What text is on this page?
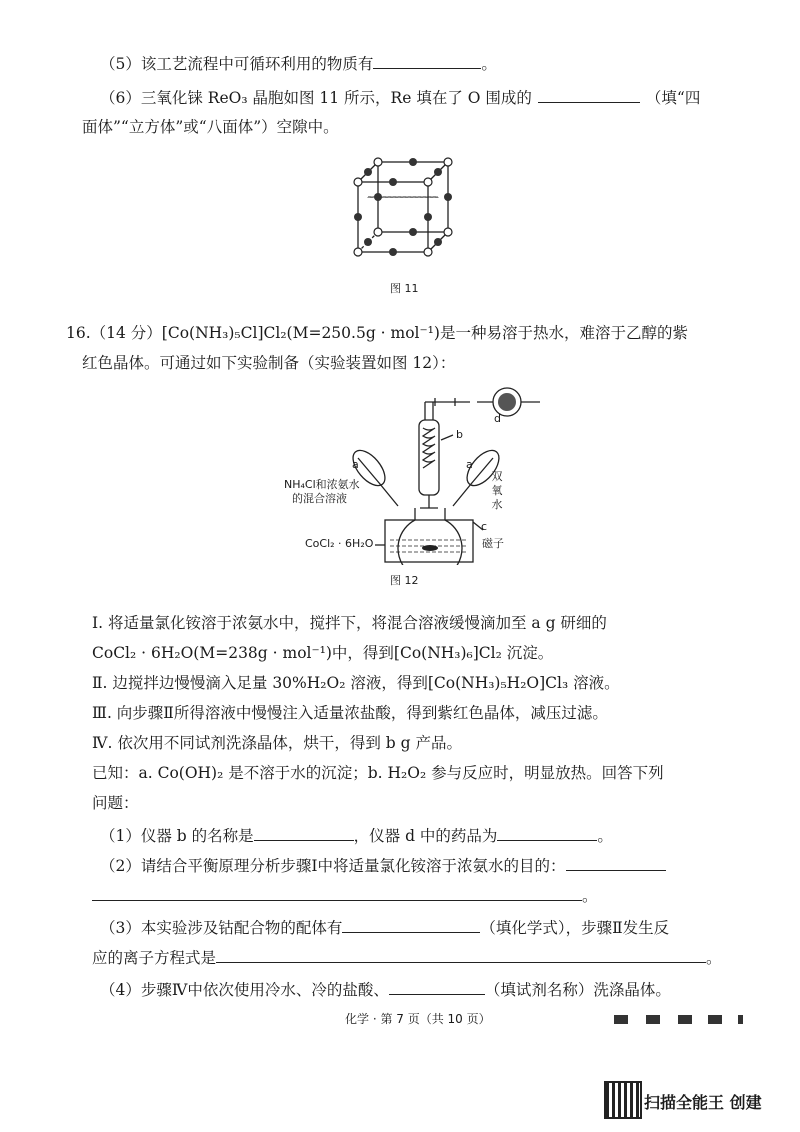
（5）该工艺流程中可循环利用的物质有	。
（6）三氧化铼 ReO₃ 晶胞如图 11 所示，Re 填在了 O 围成的	（填“四
面体”“立方体”或“八面体”）空隙中。
图 11
16.（14 分）[Co(NH₃)₅Cl]Cl₂(M=250.5g · mol⁻¹)是一种易溶于热水，难溶于乙醇的紫
红色晶体。可通过如下实验制备（实验装置如图 12）：
d
b
a	a
c
NH₄Cl和浓氨水
的混合溶液
双
氧
水
CoCl₂ · 6H₂O	磁子
图 12
Ⅰ. 将适量氯化铵溶于浓氨水中，搅拌下，将混合溶液缓慢滴加至 a g 研细的
CoCl₂ · 6H₂O(M=238g · mol⁻¹)中，得到[Co(NH₃)₆]Cl₂ 沉淀。
Ⅱ. 边搅拌边慢慢滴入足量 30%H₂O₂ 溶液，得到[Co(NH₃)₅H₂O]Cl₃ 溶液。
Ⅲ. 向步骤Ⅱ所得溶液中慢慢注入适量浓盐酸，得到紫红色晶体，减压过滤。
Ⅳ. 依次用不同试剂洗涤晶体，烘干，得到 b g 产品。
已知：a. Co(OH)₂ 是不溶于水的沉淀；b. H₂O₂ 参与反应时，明显放热。回答下列
问题：
（1）仪器 b 的名称是	，仪器 d 中的药品为	。
（2）请结合平衡原理分析步骤Ⅰ中将适量氯化铵溶于浓氨水的目的：
。
（3）本实验涉及钴配合物的配体有	（填化学式），步骤Ⅱ发生反
应的离子方程式是	。
（4）步骤Ⅳ中依次使用冷水、冷的盐酸、	（填试剂名称）洗涤晶体。
化学 · 第 7 页（共 10 页）
扫描全能王 创建
